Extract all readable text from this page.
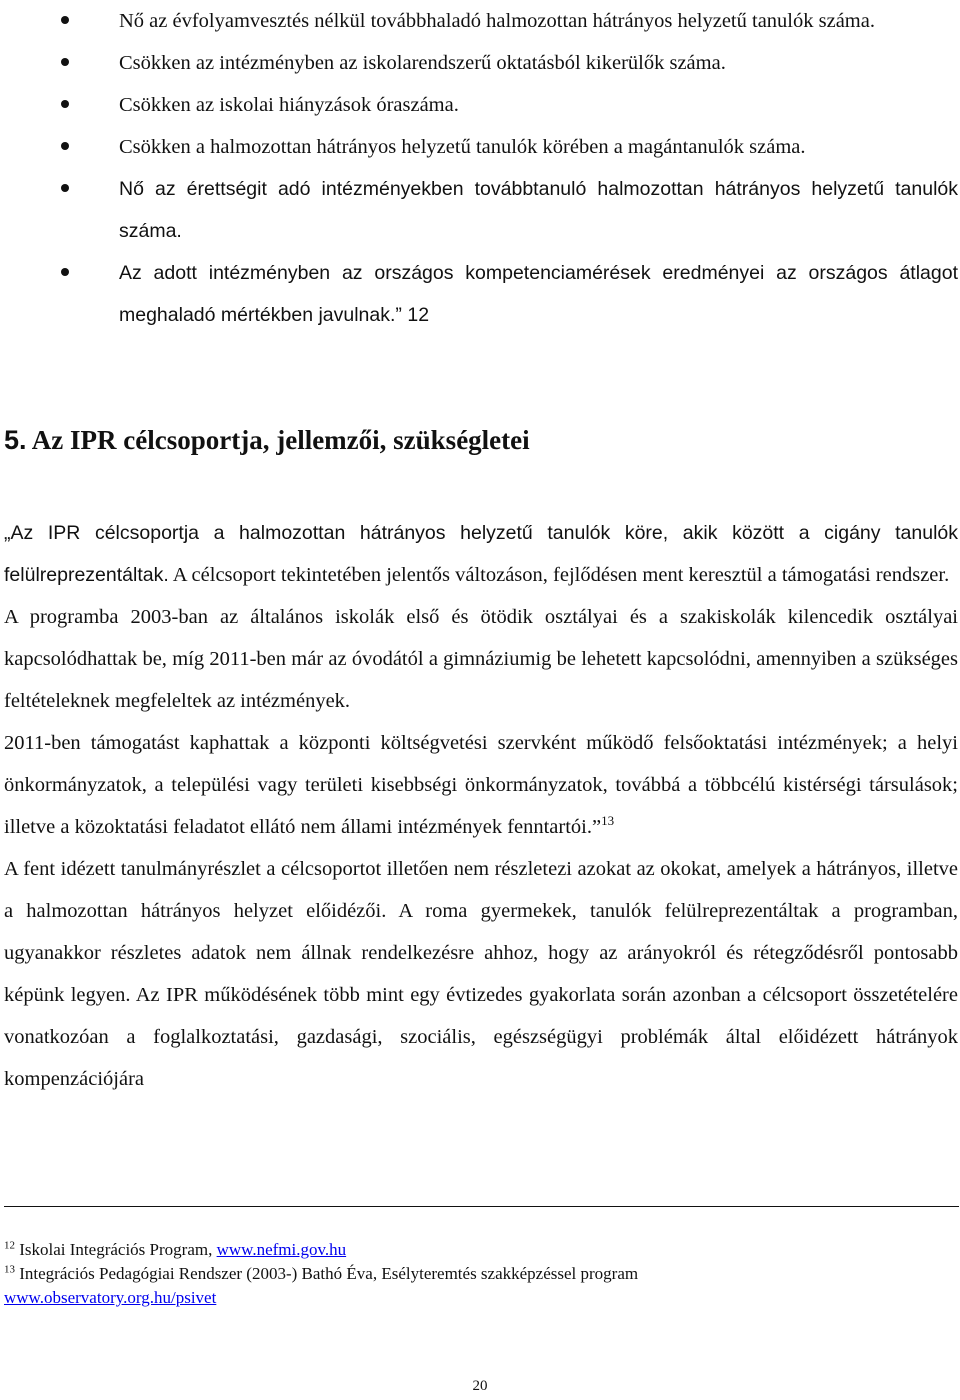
Nő az évfolyamvesztés nélkül továbbhaladó halmozottan hátrányos helyzetű tanulók száma.
Csökken az intézményben az iskolarendszerű oktatásból kikerülők száma.
Csökken az iskolai hiányzások óraszáma.
Csökken a halmozottan hátrányos helyzetű tanulók körében a magántanulók száma.
Nő az érettségit adó intézményekben továbbtanuló halmozottan hátrányos helyzetű tanulók száma.
Az adott intézményben az országos kompetenciamérések eredményei az országos átlagot meghaladó mértékben javulnak.” 12
5. Az IPR célcsoportja, jellemzői, szükségletei

„Az IPR célcsoportja a halmozottan hátrányos helyzetű tanulók köre, akik között a cigány tanulók felülreprezentáltak. A célcsoport tekintetében jelentős változáson, fejlődésen ment keresztül a támogatási rendszer.

A programba 2003-ban az általános iskolák első és ötödik osztályai és a szakiskolák kilencedik osztályai kapcsolódhattak be, míg 2011-ben már az óvodától a gimnáziumig be lehetett kapcsolódni, amennyiben a szükséges feltételeknek megfeleltek az intézmények.

2011-ben támogatást kaphattak a központi költségvetési szervként működő felsőoktatási intézmények; a helyi önkormányzatok, a települési vagy területi kisebbségi önkormányzatok, továbbá a többcélú kistérségi társulások; illetve a közoktatási feladatot ellátó nem állami intézmények fenntartói.”$^{13}$

A fent idézett tanulmányrészlet a célcsoportot illetően nem részletezi azokat az okokat, amelyek a hátrányos, illetve a halmozottan hátrányos helyzet előidézői. A roma gyermekek, tanulók felülreprezentáltak a programban, ugyanakkor részletes adatok nem állnak rendelkezésre ahhoz, hogy az arányokról és rétegződésről pontosabb képünk legyen. Az IPR működésének több mint egy évtizedes gyakorlata során azonban a célcsoport összetételére vonatkozóan a foglalkoztatási, gazdasági, szociális, egészségügyi problémák által előidézett hátrányok kompenzációjára

$^{12}$ Iskolai Integrációs Program, www.nefmi.gov.hu

$^{13}$ Integrációs Pedagógiai Rendszer (2003-) Bathó Éva, Esélyteremtés szakképzéssel program
www.observatory.org.hu/psivet

20
